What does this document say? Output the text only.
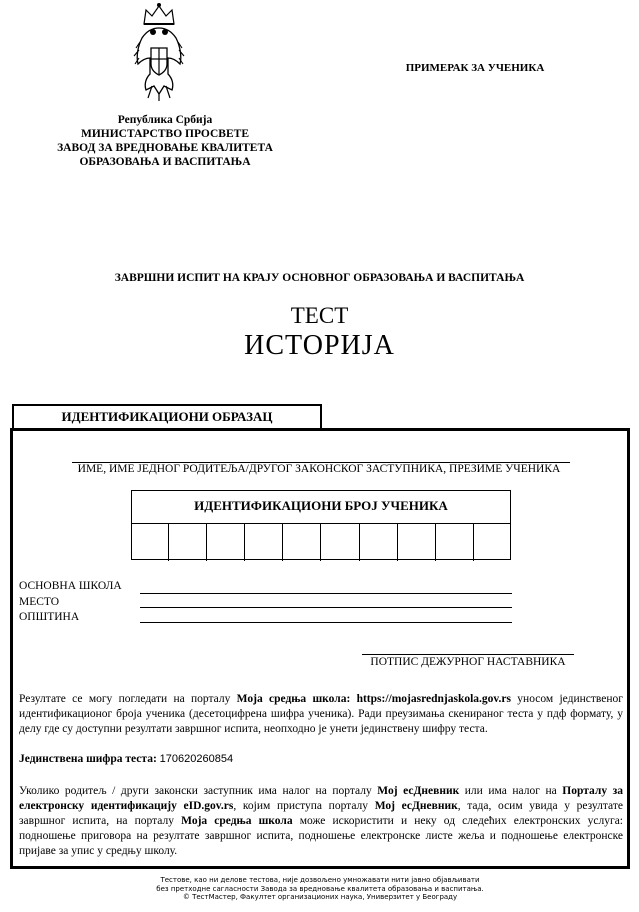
ПРИМЕРАК ЗА УЧЕНИКА
Република Србија
МИНИСТАРСТВО ПРОСВЕТЕ
ЗАВОД ЗА ВРЕДНОВАЊЕ КВАЛИТЕТА
ОБРАЗОВАЊА И ВАСПИТАЊА
ЗАВРШНИ ИСПИТ НА КРАЈУ ОСНОВНОГ ОБРАЗОВАЊА И ВАСПИТАЊА
ТЕСТ
ИСТОРИЈА
ИДЕНТИФИКАЦИОНИ ОБРАЗАЦ
ИМЕ, ИМЕ ЈЕДНОГ РОДИТЕЉА/ДРУГОГ ЗАКОНСКОГ ЗАСТУПНИКА, ПРЕЗИМЕ УЧЕНИКА
ИДЕНТИФИКАЦИОНИ БРОЈ УЧЕНИКА
ОСНОВНА ШКОЛА
МЕСТО
ОПШТИНА
ПОТПИС ДЕЖУРНОГ НАСТАВНИКА
Резултате се могу погледати на порталу Моја средња школа: https://mojasrednjaskola.gov.rs уносом јединственог идентификационог броја ученика (десетоцифрена шифра ученика). Ради преузимања скенираног теста у пдф формату, у делу где су доступни резултати завршног испита, неопходно је унети јединствену шифру теста.
Јединствена шифра теста: 170620260854
Уколико родитељ / други законски заступник има налог на порталу Мој есДневник или има налог на Порталу за електронску идентификацију eID.gov.rs, којим приступа порталу Мој есДневник, тада, осим увида у резултате завршног испита, на порталу Моја средња школа може искористити и неку од следећих електронских услуга: подношење приговора на резултате завршног испита, подношење електронске листе жеља и подношење електронске пријаве за упис у средњу школу.
Тестове, као ни делове тестова, није дозвољено умножавати нити јавно објављивати
без претходне сагласности Завода за вредновање квалитета образовања и васпитања.
© ТестМастер, Факултет организационих наука, Универзитет у Београду
